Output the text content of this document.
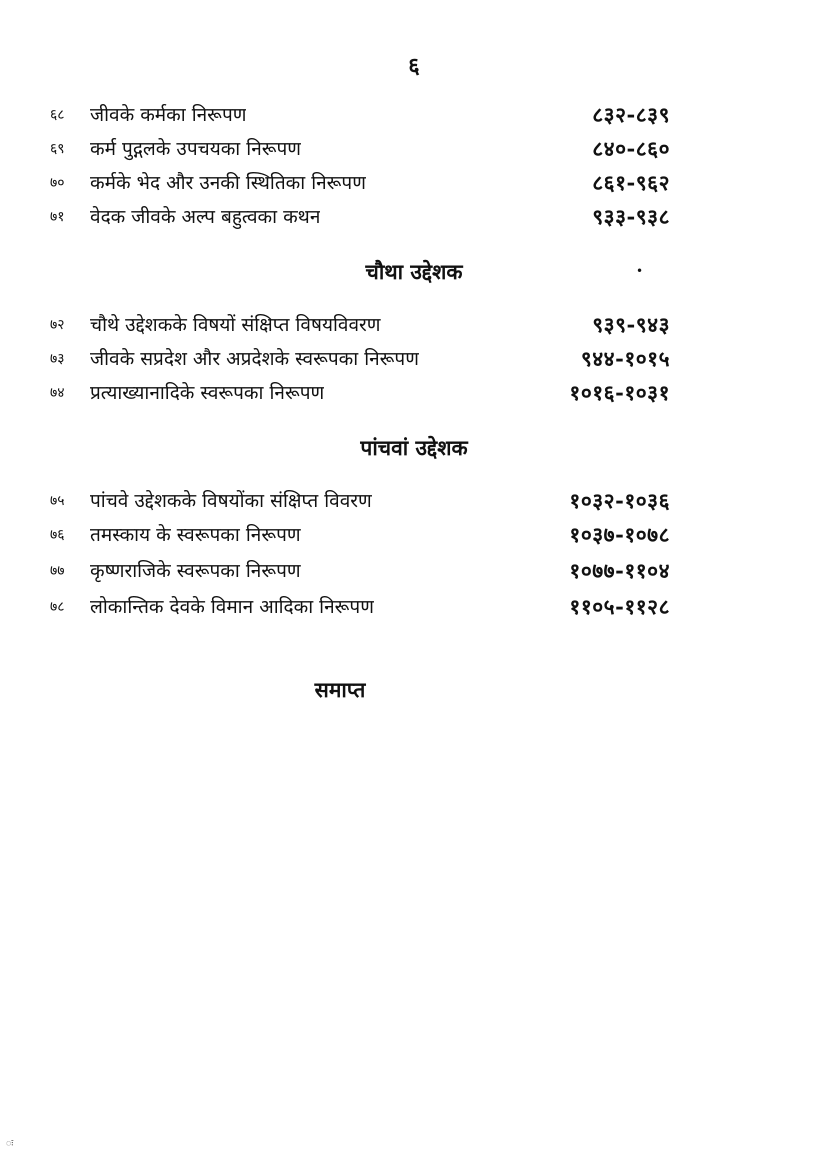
६
६८ जीवके कर्मका निरूपण	८३२-८३९
६९ कर्म पुद्गलके उपचयका निरूपण	८४०-८६०
७० कर्मके भेद और उनकी स्थितिका निरूपण	८६१-९६२
७१ वेदक जीवके अल्प बहुत्वका कथन	९३३-९३८
चौथा उद्देशक	•
७२ चौथे उद्देशकके विषयों संक्षिप्त विषयविवरण	९३९-९४३
७३ जीवके सप्रदेश और अप्रदेशके स्वरूपका निरूपण	९४४-१०१५
७४ प्रत्याख्यानादिके स्वरूपका निरूपण	१०१६-१०३१
पांचवां उद्देशक
७५ पांचवे उद्देशकके विषयोंका संक्षिप्त विवरण	१०३२-१०३६
७६ तमस्काय के स्वरूपका निरूपण	१०३७-१०७८
७७ कृष्णराजिके स्वरूपका निरूपण	१०७७-११०४
७८ लोकान्तिक देवके विमान आदिका निरूपण	११०५-११२८
समाप्त
ः
